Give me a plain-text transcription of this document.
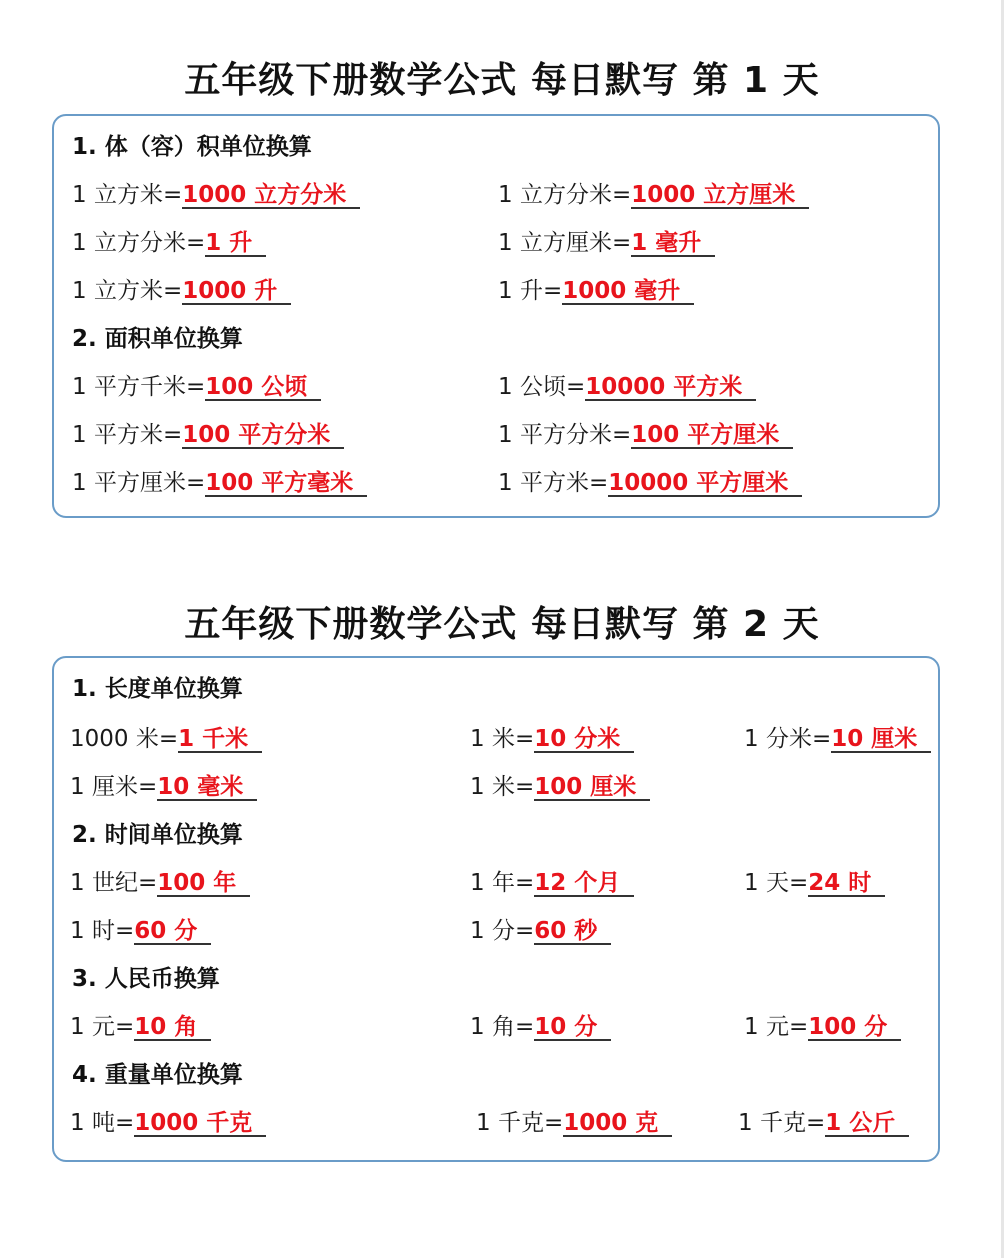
五年级下册数学公式 每日默写 第 1 天
1. 体（容）积单位换算
1 立方米=1000 立方分米	1 立方分米=1000 立方厘米
1 立方分米=1 升	1 立方厘米=1 毫升
1 立方米=1000 升	1 升=1000 毫升
2. 面积单位换算
1 平方千米=100 公顷	1 公顷=10000 平方米
1 平方米=100 平方分米	1 平方分米=100 平方厘米
1 平方厘米=100 平方毫米	1 平方米=10000 平方厘米
五年级下册数学公式 每日默写 第 2 天
1. 长度单位换算
1000 米=1 千米	1 米=10 分米	1 分米=10 厘米
1 厘米=10 毫米	1 米=100 厘米
2. 时间单位换算
1 世纪=100 年	1 年=12 个月	1 天=24 时
1 时=60 分	1 分=60 秒
3. 人民币换算
1 元=10 角	1 角=10 分	1 元=100 分
4. 重量单位换算
1 吨=1000 千克	1 千克=1000 克	1 千克=1 公斤
